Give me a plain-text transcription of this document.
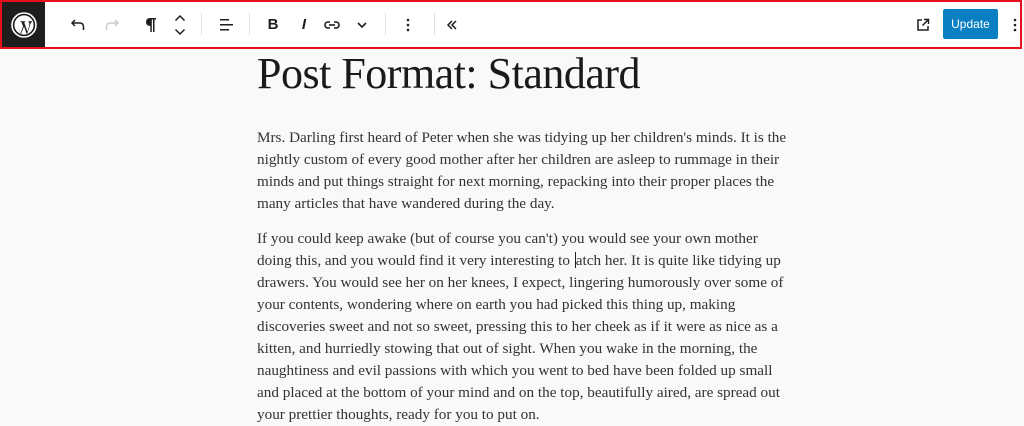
B I	Update
Post Format: Standard
Mrs. Darling first heard of Peter when she was tidying up her children's minds. It is the
nightly custom of every good mother after her children are asleep to rummage in their
minds and put things straight for next morning, repacking into their proper places the
many articles that have wandered during the day.
If you could keep awake (but of course you can't) you would see your own mother
doing this, and you would find it very interesting to atch her. It is quite like tidying up
drawers. You would see her on her knees, I expect, lingering humorously over some of
your contents, wondering where on earth you had picked this thing up, making
discoveries sweet and not so sweet, pressing this to her cheek as if it were as nice as a
kitten, and hurriedly stowing that out of sight. When you wake in the morning, the
naughtiness and evil passions with which you went to bed have been folded up small
and placed at the bottom of your mind and on the top, beautifully aired, are spread out
your prettier thoughts, ready for you to put on.
